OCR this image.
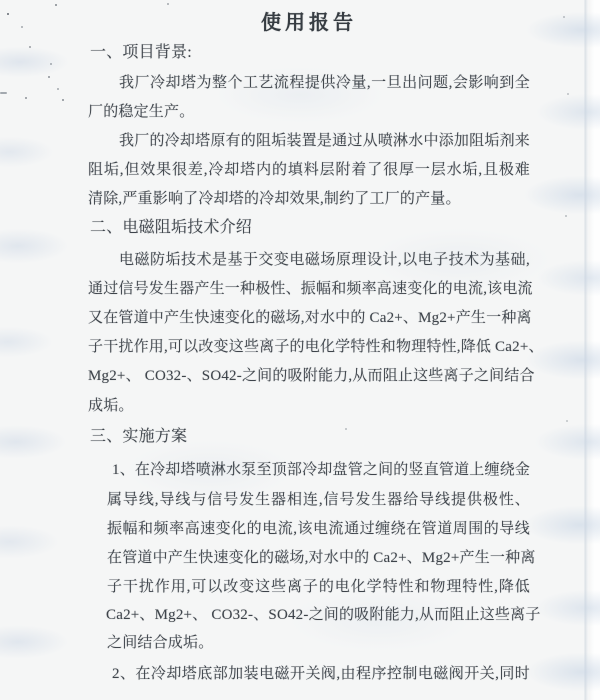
使用报告
一、项目背景:
我厂冷却塔为整个工艺流程提供冷量,一旦出问题,会影响到全
厂的稳定生产。
我厂的冷却塔原有的阻垢装置是通过从喷淋水中添加阻垢剂来
阻垢,但效果很差,冷却塔内的填料层附着了很厚一层水垢,且极难
清除,严重影响了冷却塔的冷却效果,制约了工厂的产量。
二、电磁阻垢技术介绍
电磁防垢技术是基于交变电磁场原理设计,以电子技术为基础,
通过信号发生器产生一种极性、振幅和频率高速变化的电流,该电流
又在管道中产生快速变化的磁场,对水中的 Ca2+、Mg2+产生一种离
子干扰作用,可以改变这些离子的电化学特性和物理特性,降低 Ca2+、
Mg2+、 CO32-、SO42-之间的吸附能力,从而阻止这些离子之间结合
成垢。
三、实施方案
1、在冷却塔喷淋水泵至顶部冷却盘管之间的竖直管道上缠绕金
属导线,导线与信号发生器相连,信号发生器给导线提供极性、
振幅和频率高速变化的电流,该电流通过缠绕在管道周围的导线
在管道中产生快速变化的磁场,对水中的 Ca2+、Mg2+产生一种离
子干扰作用,可以改变这些离子的电化学特性和物理特性,降低
Ca2+、Mg2+、 CO32-、SO42-之间的吸附能力,从而阻止这些离子
之间结合成垢。
2、在冷却塔底部加装电磁开关阀,由程序控制电磁阀开关,同时
